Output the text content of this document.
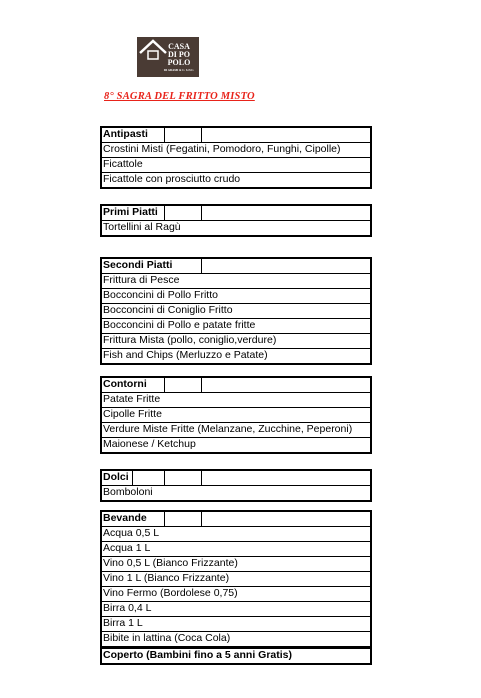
CASA
DI PO
POLO
DI ADAMI & C. S.N.C.
8° SAGRA DEL FRITTO MISTO
Antipasti
Crostini Misti (Fegatini, Pomodoro, Funghi, Cipolle)
Ficattole
Ficattole con prosciutto crudo
Primi Piatti
Tortellini al Ragù
Secondi Piatti
Frittura di Pesce
Bocconcini di Pollo Fritto
Bocconcini di Coniglio Fritto
Bocconcini di Pollo e patate fritte
Frittura Mista (pollo, coniglio,verdure)
Fish and Chips (Merluzzo e Patate)
Contorni
Patate Fritte
Cipolle Fritte
Verdure Miste Fritte (Melanzane, Zucchine, Peperoni)
Maionese / Ketchup
Dolci
Bomboloni
Bevande
Acqua 0,5 L
Acqua 1 L
Vino 0,5 L (Bianco Frizzante)
Vino 1 L (Bianco Frizzante)
Vino Fermo (Bordolese 0,75)
Birra 0,4 L
Birra 1 L
Bibite in lattina (Coca Cola)
Coperto (Bambini fino a 5 anni Gratis)
